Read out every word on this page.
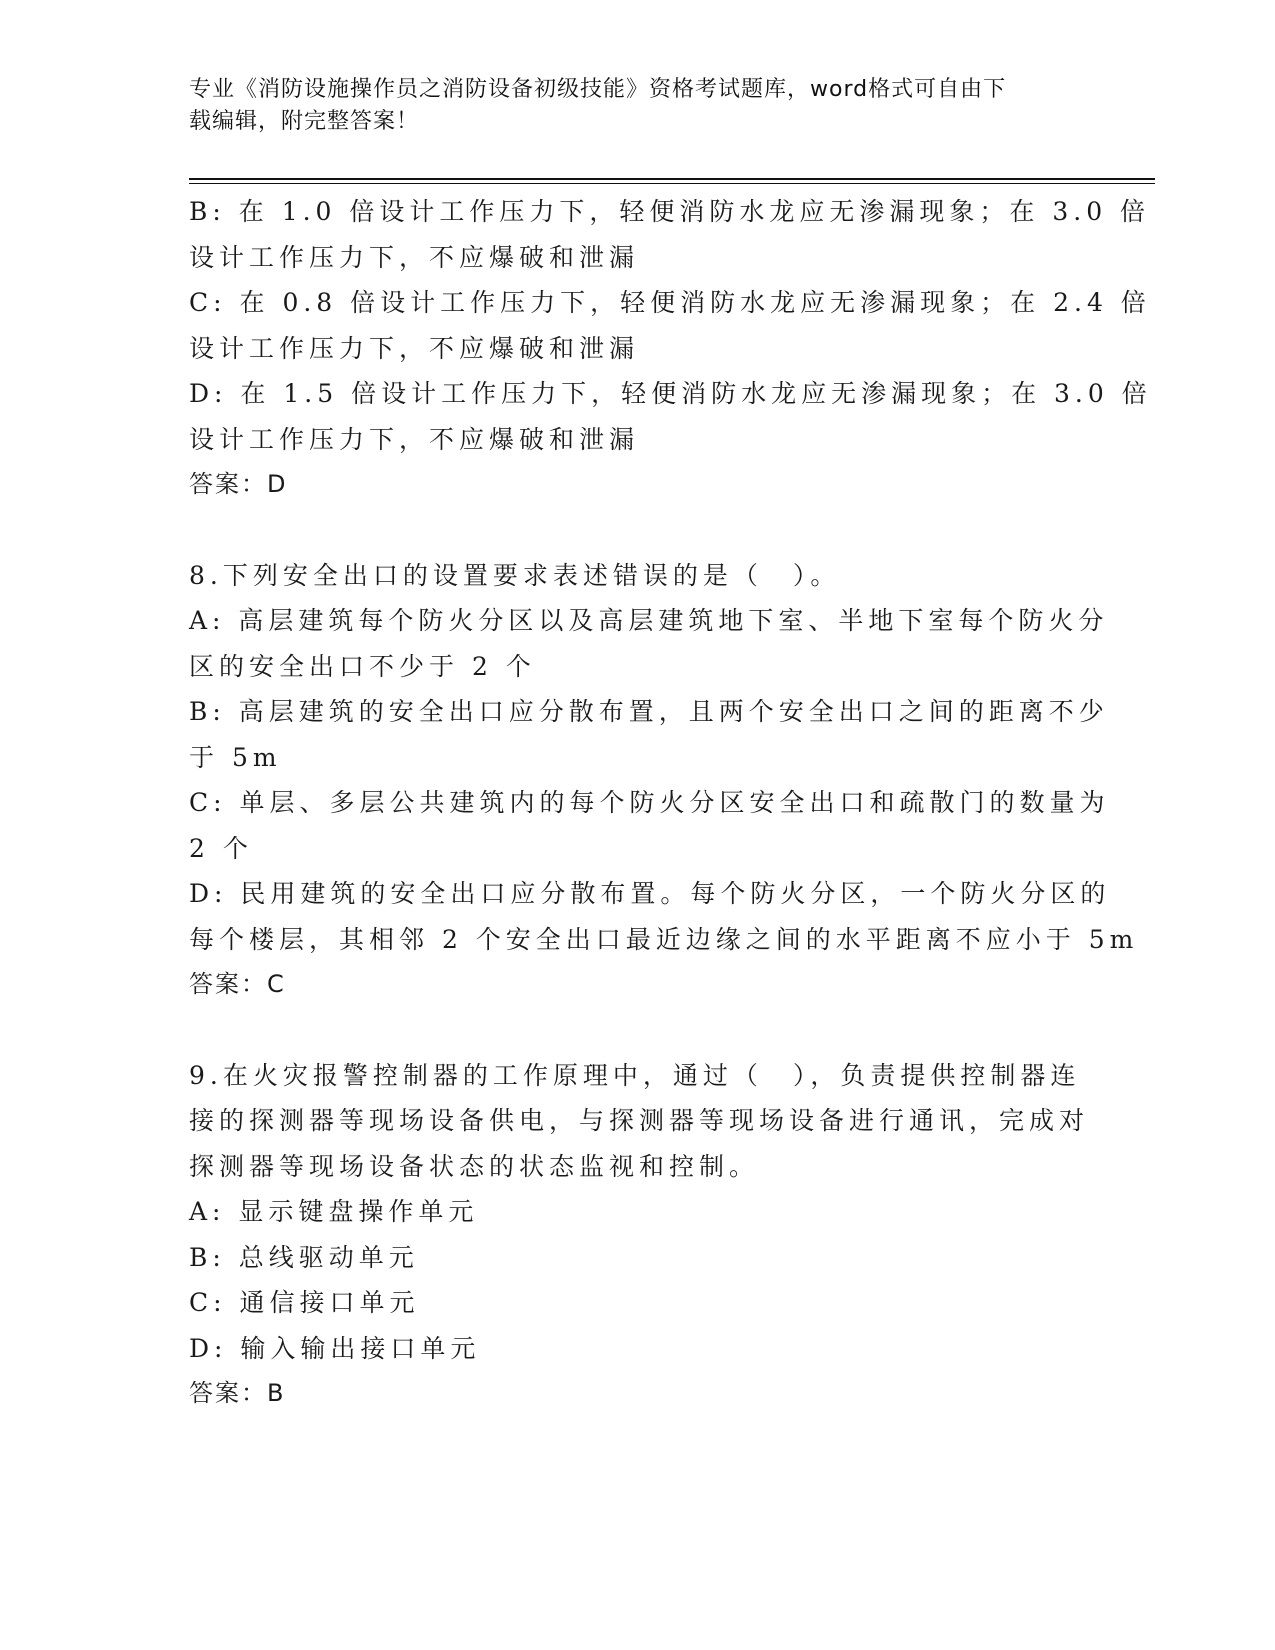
专业《消防设施操作员之消防设备初级技能》资格考试题库，word格式可自由下
载编辑，附完整答案！
B: 在 1.0 倍设计工作压力下，轻便消防水龙应无渗漏现象；在 3.0 倍
设计工作压力下，不应爆破和泄漏
C: 在 0.8 倍设计工作压力下，轻便消防水龙应无渗漏现象；在 2.4 倍
设计工作压力下，不应爆破和泄漏
D: 在 1.5 倍设计工作压力下，轻便消防水龙应无渗漏现象；在 3.0 倍
设计工作压力下，不应爆破和泄漏
答案：D
8.下列安全出口的设置要求表述错误的是（　）。
A: 高层建筑每个防火分区以及高层建筑地下室、半地下室每个防火分
区的安全出口不少于 2 个
B: 高层建筑的安全出口应分散布置，且两个安全出口之间的距离不少
于 5m
C: 单层、多层公共建筑内的每个防火分区安全出口和疏散门的数量为
2 个
D: 民用建筑的安全出口应分散布置。每个防火分区，一个防火分区的
每个楼层，其相邻 2 个安全出口最近边缘之间的水平距离不应小于 5m
答案：C
9.在火灾报警控制器的工作原理中，通过（　），负责提供控制器连
接的探测器等现场设备供电，与探测器等现场设备进行通讯，完成对
探测器等现场设备状态的状态监视和控制。
A: 显示键盘操作单元
B: 总线驱动单元
C: 通信接口单元
D: 输入输出接口单元
答案：B
